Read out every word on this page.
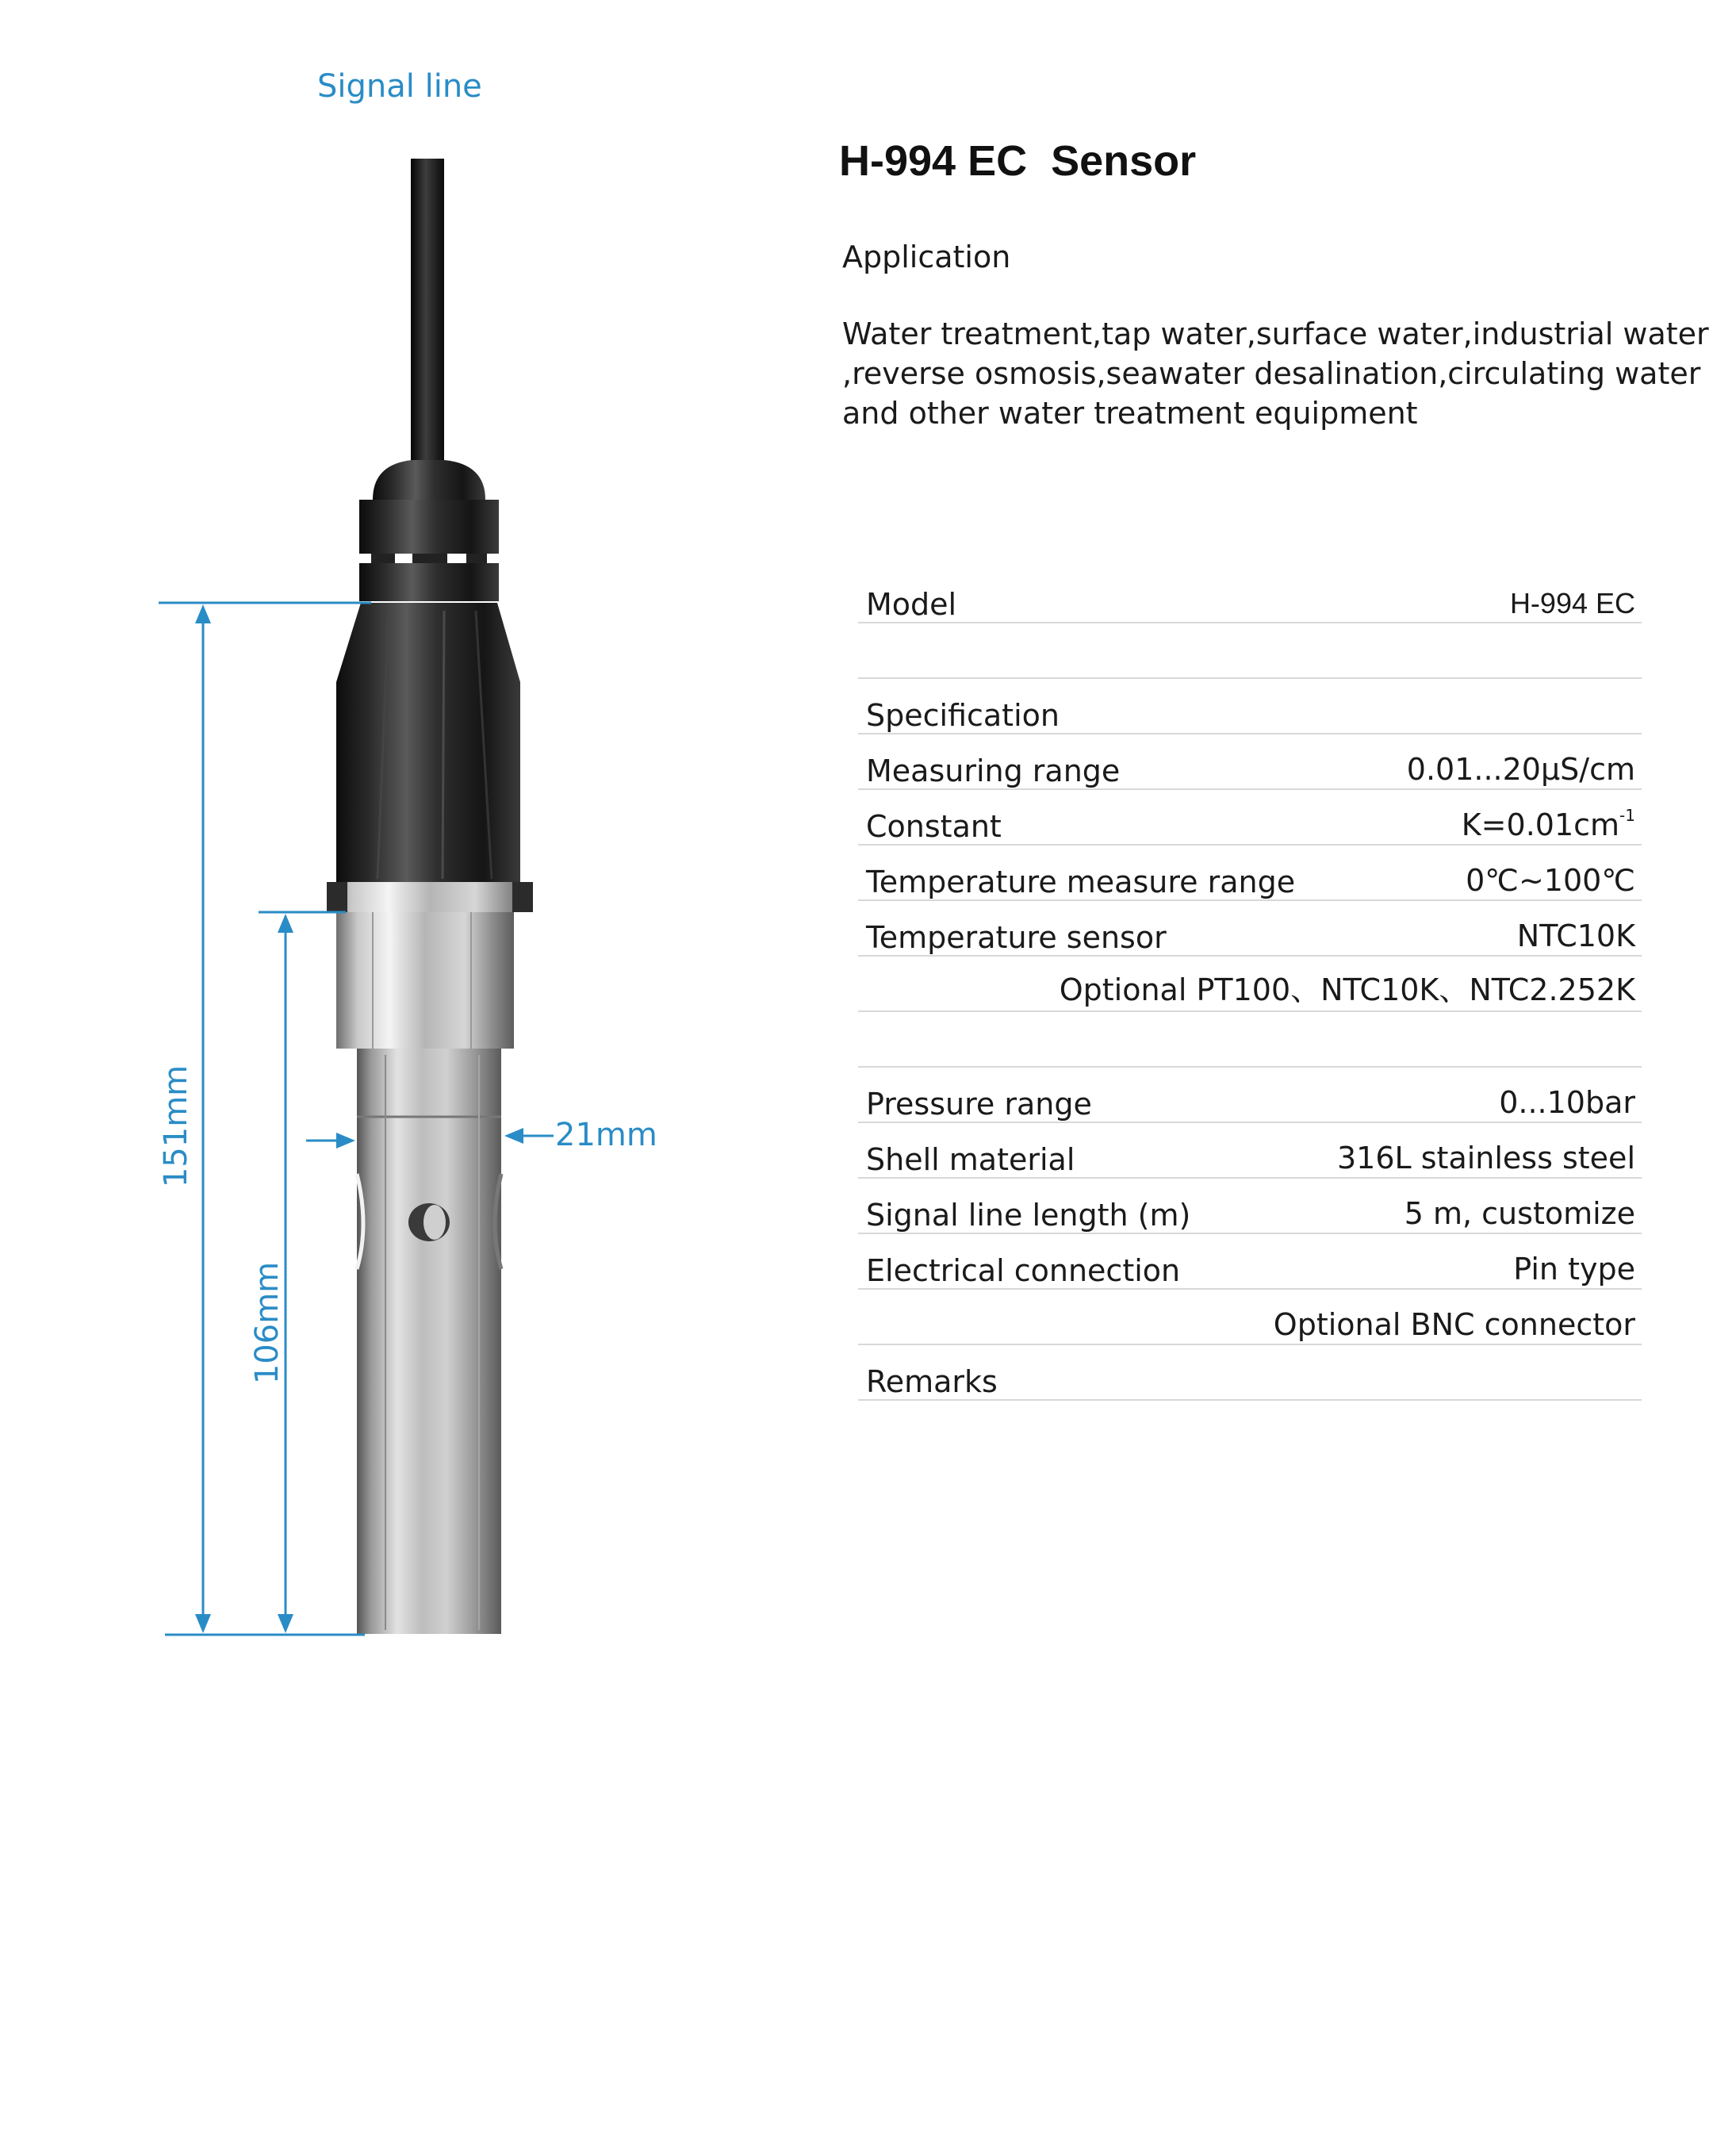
Signal line
151mm
106mm
21mm
H-994 EC  Sensor
Application
Water treatment,tap water,surface water,industrial water
,reverse osmosis,seawater desalination,circulating water
and other water treatment equipment
Model	H-994 EC
Specification
Measuring range	0.01...20μS/cm
Constant	$K=0.01cm^{-1}$
Temperature measure range	0℃~100℃
Temperature sensor	NTC10K
Optional PT100、NTC10K、NTC2.252K
Pressure range	0...10bar
Shell material	316L stainless steel
Signal line length (m)	5 m, customize
Electrical connection	Pin type
Optional BNC connector
Remarks
